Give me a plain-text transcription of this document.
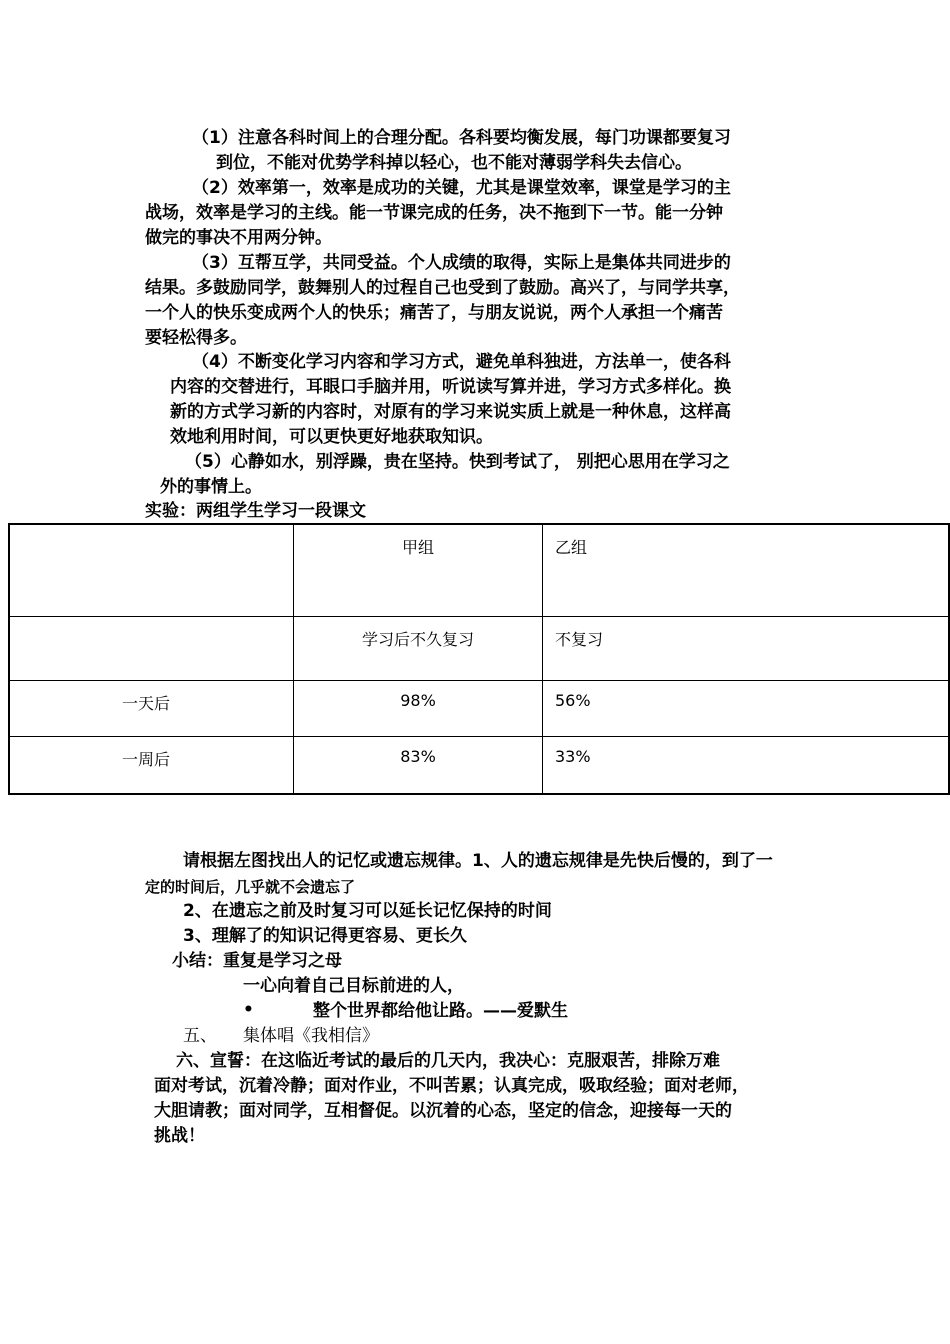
（1）注意各科时间上的合理分配。各科要均衡发展，每门功课都要复习
到位，不能对优势学科掉以轻心，也不能对薄弱学科失去信心。
（2）效率第一，效率是成功的关键，尤其是课堂效率，课堂是学习的主
战场，效率是学习的主线。能一节课完成的任务，决不拖到下一节。能一分钟
做完的事决不用两分钟。
（3）互帮互学，共同受益。个人成绩的取得，实际上是集体共同进步的
结果。多鼓励同学，鼓舞别人的过程自己也受到了鼓励。高兴了，与同学共享，
一个人的快乐变成两个人的快乐；痛苦了，与朋友说说，两个人承担一个痛苦
要轻松得多。
（4）不断变化学习内容和学习方式，避免单科独进，方法单一，使各科
内容的交替进行，耳眼口手脑并用，听说读写算并进，学习方式多样化。换
新的方式学习新的内容时，对原有的学习来说实质上就是一种休息，这样高
效地利用时间，可以更快更好地获取知识。
（5）心静如水，别浮躁，贵在坚持。快到考试了， 别把心思用在学习之
外的事情上。
实验：两组学生学习一段课文

	甲组	乙组

	学习后不久复习	不复习

一天后	98%	56%

一周后	83%	33%
请根据左图找出人的记忆或遗忘规律。1、人的遗忘规律是先快后慢的，到了一
定的时间后，几乎就不会遗忘了
2、在遗忘之前及时复习可以延长记忆保持的时间
3、理解了的知识记得更容易、更长久
小结：重复是学习之母
一心向着自己目标前进的人，
•	整个世界都给他让路。——爱默生
五、 集体唱《我相信》
六、宣誓：在这临近考试的最后的几天内，我决心：克服艰苦，排除万难
面对考试，沉着冷静；面对作业，不叫苦累；认真完成，吸取经验；面对老师，
大胆请教；面对同学，互相督促。以沉着的心态，坚定的信念，迎接每一天的
挑战！
